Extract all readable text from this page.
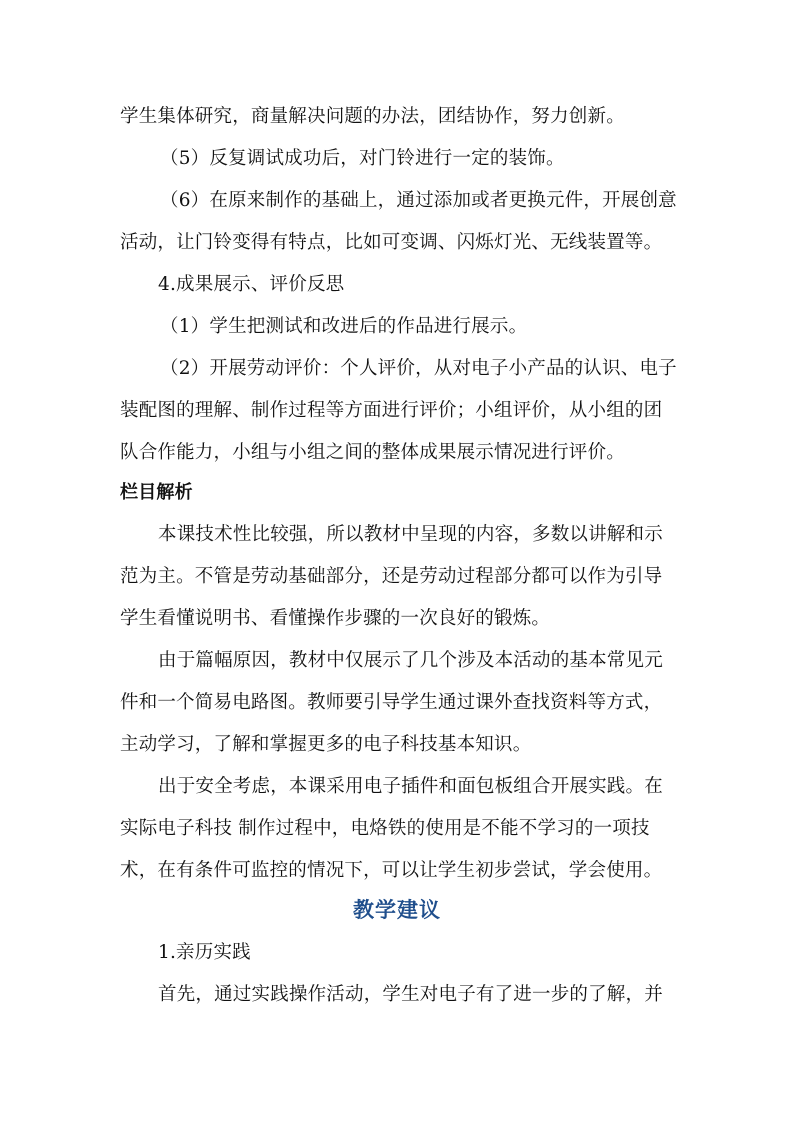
学生集体研究，商量解决问题的办法，团结协作，努力创新。
（5）反复调试成功后，对门铃进行一定的装饰。
（6）在原来制作的基础上，通过添加或者更换元件，开展创意
活动，让门铃变得有特点，比如可变调、闪烁灯光、无线装置等。
4.成果展示、评价反思
（1）学生把测试和改进后的作品进行展示。
（2）开展劳动评价：个人评价，从对电子小产品的认识、电子
装配图的理解、制作过程等方面进行评价；小组评价，从小组的团
队合作能力，小组与小组之间的整体成果展示情况进行评价。
栏目解析
本课技术性比较强，所以教材中呈现的内容，多数以讲解和示
范为主。不管是劳动基础部分，还是劳动过程部分都可以作为引导
学生看懂说明书、看懂操作步骤的一次良好的锻炼。
由于篇幅原因，教材中仅展示了几个涉及本活动的基本常见元
件和一个简易电路图。教师要引导学生通过课外查找资料等方式，
主动学习，了解和掌握更多的电子科技基本知识。
出于安全考虑，本课采用电子插件和面包板组合开展实践。在
实际电子科技 制作过程中，电烙铁的使用是不能不学习的一项技
术，在有条件可监控的情况下，可以让学生初步尝试，学会使用。
教学建议
1.亲历实践
首先，通过实践操作活动，学生对电子有了进一步的了解，并
